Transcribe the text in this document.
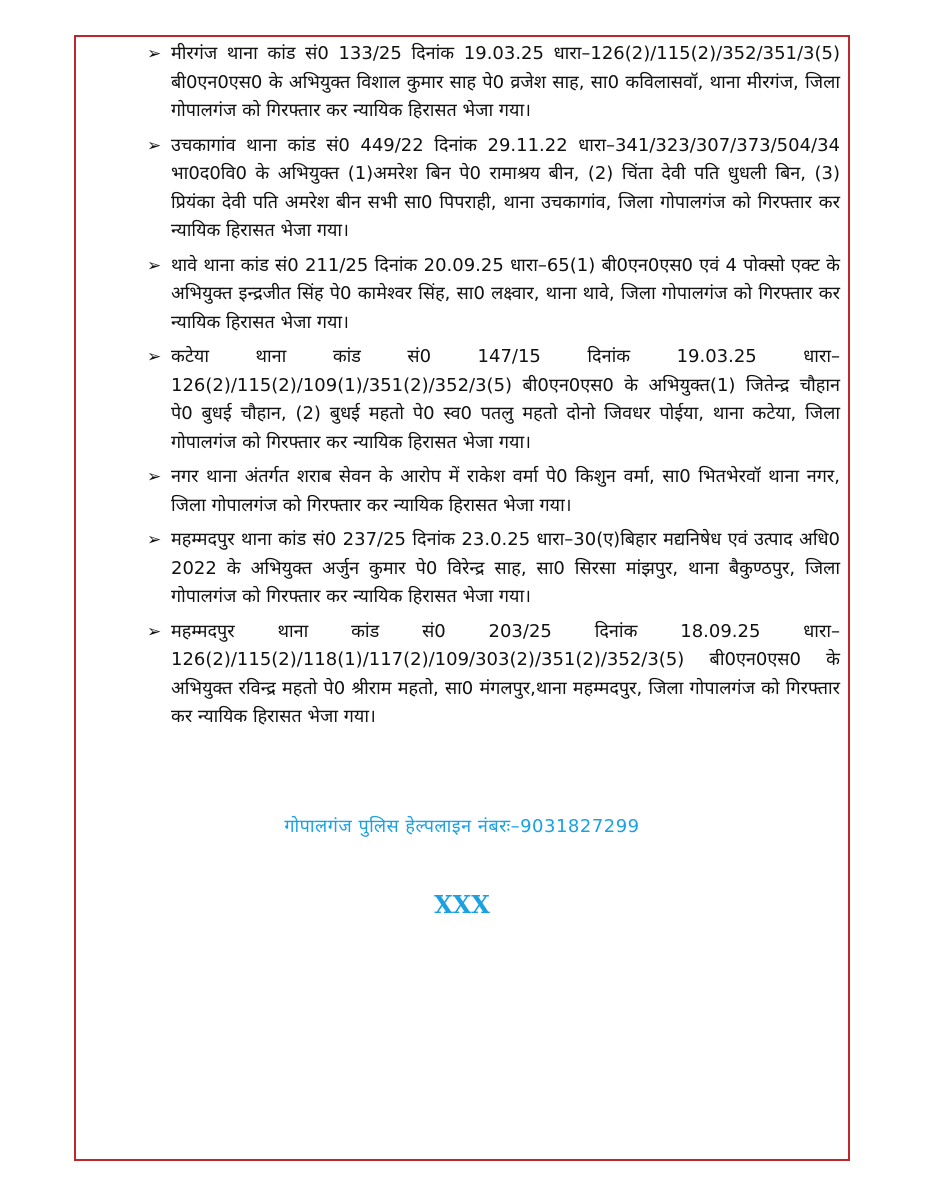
➢ मीरगंज थाना कांड सं0 133/25 दिनांक 19.03.25 धारा–126(2)/115(2)/352/351/3(5) बी0एन0एस0 के अभियुक्त विशाल कुमार साह पे0 व्रजेश साह, सा0 कविलासवॉ, थाना मीरगंज, जिला गोपालगंज को गिरफ्तार कर न्यायिक हिरासत भेजा गया।
➢ उचकागांव थाना कांड सं0 449/22 दिनांक 29.11.22 धारा–341/323/307/373/504/34 भा0द0वि0 के अभियुक्त (1)अमरेश बिन पे0 रामाश्रय बीन, (2) चिंता देवी पति धुधली बिन, (3) प्रियंका देवी पति अमरेश बीन सभी सा0 पिपराही, थाना उचकागांव, जिला गोपालगंज को गिरफ्तार कर न्यायिक हिरासत भेजा गया।
➢ थावे थाना कांड सं0 211/25 दिनांक 20.09.25 धारा–65(1) बी0एन0एस0 एवं 4 पोक्सो एक्ट के अभियुक्त इन्द्रजीत सिंह पे0 कामेश्वर सिंह, सा0 लक्ष्वार, थाना थावे, जिला गोपालगंज को गिरफ्तार कर न्यायिक हिरासत भेजा गया।
➢ कटेया थाना कांड सं0 147/15 दिनांक 19.03.25 धारा–126(2)/115(2)/109(1)/351(2)/352/3(5) बी0एन0एस0 के अभियुक्त(1) जितेन्द्र चौहान पे0 बुधई चौहान, (2) बुधई महतो पे0 स्व0 पतलु महतो दोनो जिवधर पोईया, थाना कटेया, जिला गोपालगंज को गिरफ्तार कर न्यायिक हिरासत भेजा गया।
➢ नगर थाना अंतर्गत शराब सेवन के आरोप में राकेश वर्मा पे0 किशुन वर्मा, सा0 भितभेरवॉ थाना नगर, जिला गोपालगंज को गिरफ्तार कर न्यायिक हिरासत भेजा गया।
➢ महम्मदपुर थाना कांड सं0 237/25 दिनांक 23.0.25 धारा–30(ए)बिहार मद्यनिषेध एवं उत्पाद अधि0 2022 के अभियुक्त अर्जुन कुमार पे0 विरेन्द्र साह, सा0 सिरसा मांझपुर, थाना बैकुण्ठपुर, जिला गोपालगंज को गिरफ्तार कर न्यायिक हिरासत भेजा गया।
➢ महम्मदपुर थाना कांड सं0 203/25 दिनांक 18.09.25 धारा–126(2)/115(2)/118(1)/117(2)/109/303(2)/351(2)/352/3(5) बी0एन0एस0 के अभियुक्त रविन्द्र महतो पे0 श्रीराम महतो, सा0 मंगलपुर,थाना महम्मदपुर, जिला गोपालगंज को गिरफ्तार कर न्यायिक हिरासत भेजा गया।
गोपालगंज पुलिस हेल्पलाइन नंबरः–9031827299
XXX
